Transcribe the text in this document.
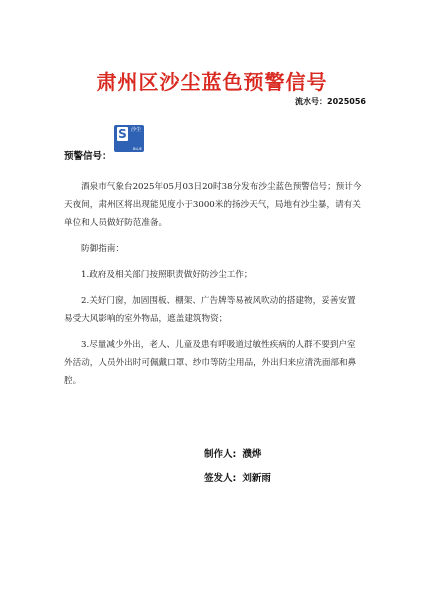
肃州区沙尘蓝色预警信号
流水号：2025056
预警信号：
S 沙尘
BLUE

酒泉市气象台2025年05月03日20时38分发布沙尘蓝色预警信号；预计今天夜间，肃州区将出现能见度小于3000米的扬沙天气，局地有沙尘暴，请有关单位和人员做好防范准备。

防御指南：

1.政府及相关部门按照职责做好防沙尘工作；

2.关好门窗，加固围板、棚架、广告牌等易被风吹动的搭建物，妥善安置易受大风影响的室外物品，遮盖建筑物资；

3.尽量减少外出，老人、儿童及患有呼吸道过敏性疾病的人群不要到户室外活动，人员外出时可佩戴口罩、纱巾等防尘用品，外出归来应清洗面部和鼻腔。

制作人: 濮烨
签发人: 刘新雨
